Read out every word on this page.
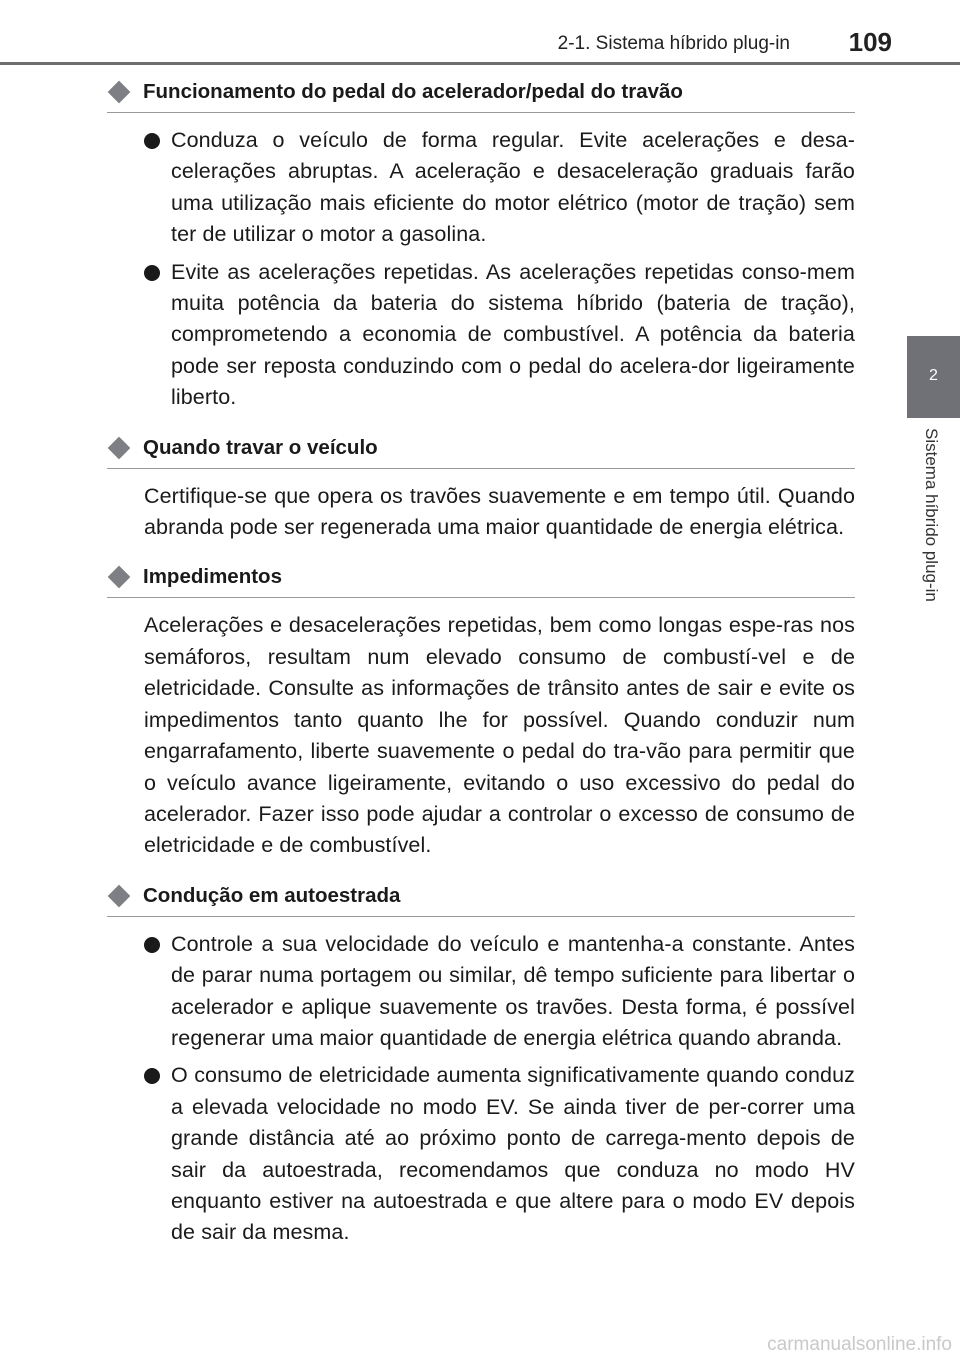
2-1. Sistema híbrido plug-in 109
2
Sistema híbrido plug-in
Funcionamento do pedal do acelerador/pedal do travão
Conduza o veículo de forma regular. Evite acelerações e desa-celerações abruptas. A aceleração e desaceleração graduais farão uma utilização mais eficiente do motor elétrico (motor de tração) sem ter de utilizar o motor a gasolina.
Evite as acelerações repetidas. As acelerações repetidas conso-mem muita potência da bateria do sistema híbrido (bateria de tração), comprometendo a economia de combustível. A potência da bateria pode ser reposta conduzindo com o pedal do acelera-dor ligeiramente liberto.
Quando travar o veículo
Certifique-se que opera os travões suavemente e em tempo útil. Quando abranda pode ser regenerada uma maior quantidade de energia elétrica.
Impedimentos
Acelerações e desacelerações repetidas, bem como longas espe-ras nos semáforos, resultam num elevado consumo de combustí-vel e de eletricidade. Consulte as informações de trânsito antes de sair e evite os impedimentos tanto quanto lhe for possível. Quando conduzir num engarrafamento, liberte suavemente o pedal do tra-vão para permitir que o veículo avance ligeiramente, evitando o uso excessivo do pedal do acelerador. Fazer isso pode ajudar a controlar o excesso de consumo de eletricidade e de combustível.
Condução em autoestrada
Controle a sua velocidade do veículo e mantenha-a constante. Antes de parar numa portagem ou similar, dê tempo suficiente para libertar o acelerador e aplique suavemente os travões. Desta forma, é possível regenerar uma maior quantidade de energia elétrica quando abranda.
O consumo de eletricidade aumenta significativamente quando conduz a elevada velocidade no modo EV. Se ainda tiver de per-correr uma grande distância até ao próximo ponto de carrega-mento depois de sair da autoestrada, recomendamos que conduza no modo HV enquanto estiver na autoestrada e que altere para o modo EV depois de sair da mesma.
carmanualsonline.info
